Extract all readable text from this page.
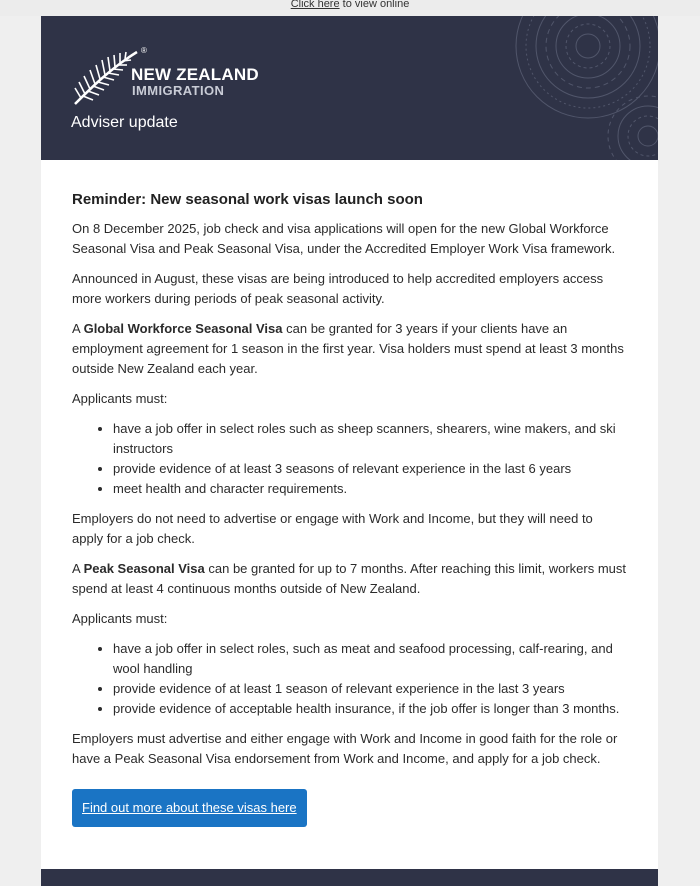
Click here to view online
®
NEW ZEALAND
IMMIGRATION
Adviser update
Reminder: New seasonal work visas launch soon

On 8 December 2025, job check and visa applications will open for the new Global Workforce Seasonal Visa and Peak Seasonal Visa, under the Accredited Employer Work Visa framework.

Announced in August, these visas are being introduced to help accredited employers access more workers during periods of peak seasonal activity.

A Global Workforce Seasonal Visa can be granted for 3 years if your clients have an employment agreement for 1 season in the first year. Visa holders must spend at least 3 months outside New Zealand each year.

Applicants must:

• have a job offer in select roles such as sheep scanners, shearers, wine makers, and ski instructors
• provide evidence of at least 3 seasons of relevant experience in the last 6 years
• meet health and character requirements.

Employers do not need to advertise or engage with Work and Income, but they will need to apply for a job check.

A Peak Seasonal Visa can be granted for up to 7 months. After reaching this limit, workers must spend at least 4 continuous months outside of New Zealand.

Applicants must:

• have a job offer in select roles, such as meat and seafood processing, calf-rearing, and wool handling
• provide evidence of at least 1 season of relevant experience in the last 3 years
• provide evidence of acceptable health insurance, if the job offer is longer than 3 months.

Employers must advertise and either engage with Work and Income in good faith for the role or have a Peak Seasonal Visa endorsement from Work and Income, and apply for a job check.

Find out more about these visas here
